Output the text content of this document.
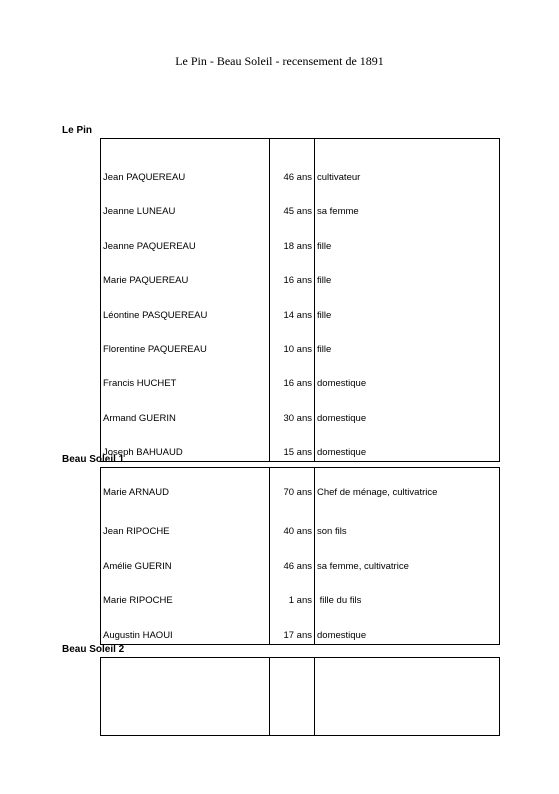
Le Pin - Beau Soleil - recensement de 1891
Le Pin
Jean PAQUEREAU	46 ans	cultivateur
Jeanne LUNEAU	45 ans	sa femme
Jeanne PAQUEREAU	18 ans	fille
Marie PAQUEREAU	16 ans	fille
Léontine PASQUEREAU	14 ans	fille
Florentine PAQUEREAU	10 ans	fille
Francis HUCHET	16 ans	domestique
Armand GUERIN	30 ans	domestique
Joseph BAHUAUD	15 ans	domestique
Beau Soleil 1
Marie ARNAUD	70 ans	Chef de ménage, cultivatrice
Jean RIPOCHE	40 ans	son fils
Amélie GUERIN	46 ans	sa femme, cultivatrice
Marie RIPOCHE	1 ans	fille du fils
Augustin HAOUI	17 ans	domestique
Beau Soleil 2
